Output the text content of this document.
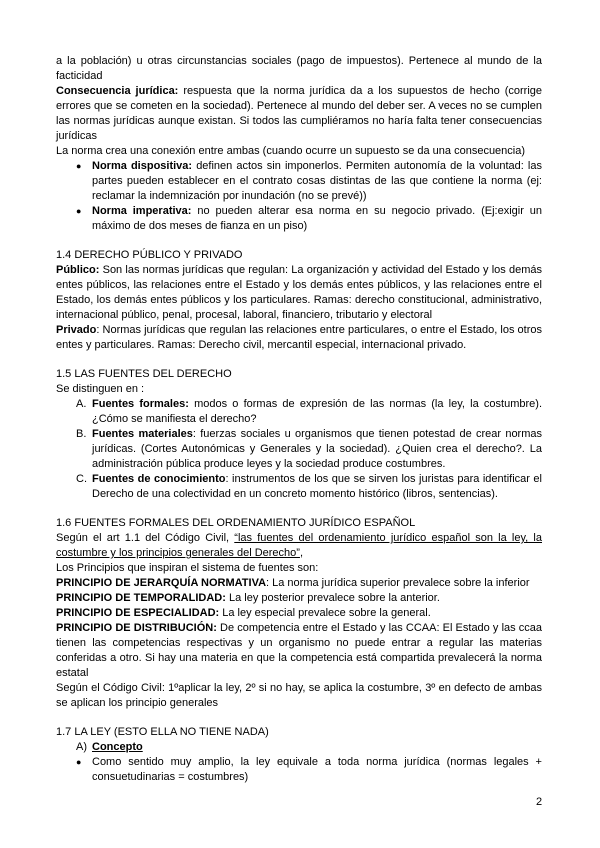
a la población) u otras circunstancias sociales (pago de impuestos). Pertenece al mundo de la facticidad

Consecuencia jurídica: respuesta que la norma jurídica da a los supuestos de hecho (corrige errores que se cometen en la sociedad). Pertenece al mundo del deber ser. A veces no se cumplen las normas jurídicas aunque existan. Si todos las cumpliéramos no haría falta tener consecuencias jurídicas

La norma crea una conexión entre ambas (cuando ocurre un supuesto se da una consecuencia)

● Norma dispositiva: definen actos sin imponerlos. Permiten autonomía de la voluntad: las partes pueden establecer en el contrato cosas distintas de las que contiene la norma (ej: reclamar la indemnización por inundación (no se prevé))
● Norma imperativa: no pueden alterar esa norma en su negocio privado. (Ej:exigir un máximo de dos meses de fianza en un piso)

1.4 DERECHO PÚBLICO Y PRIVADO

Público: Son las normas jurídicas que regulan: La organización y actividad del Estado y los demás entes públicos, las relaciones entre el Estado y los demás entes públicos, y las relaciones entre el Estado, los demás entes públicos y los particulares. Ramas: derecho constitucional, administrativo, internacional público, penal, procesal, laboral, financiero, tributario y electoral

Privado: Normas jurídicas que regulan las relaciones entre particulares, o entre el Estado, los otros entes y particulares. Ramas: Derecho civil, mercantil especial, internacional privado.

1.5 LAS FUENTES DEL DERECHO

Se distinguen en :

A. Fuentes formales: modos o formas de expresión de las normas (la ley, la costumbre). ¿Cómo se manifiesta el derecho?
B. Fuentes materiales: fuerzas sociales u organismos que tienen potestad de crear normas jurídicas. (Cortes Autonómicas y Generales y la sociedad). ¿Quien crea el derecho?. La administración pública produce leyes y la sociedad produce costumbres.
C. Fuentes de conocimiento: instrumentos de los que se sirven los juristas para identificar el Derecho de una colectividad en un concreto momento histórico (libros, sentencias).

1.6 FUENTES FORMALES DEL ORDENAMIENTO JURÍDICO ESPAÑOL

Según el art 1.1 del Código Civil, “las fuentes del ordenamiento jurídico español son la ley, la costumbre y los principios generales del Derecho”,

Los Principios que inspiran el sistema de fuentes son:

PRINCIPIO DE JERARQUÍA NORMATIVA: La norma jurídica superior prevalece sobre la inferior

PRINCIPIO DE TEMPORALIDAD: La ley posterior prevalece sobre la anterior.

PRINCIPIO DE ESPECIALIDAD: La ley especial prevalece sobre la general.

PRINCIPIO DE DISTRIBUCIÓN: De competencia entre el Estado y las CCAA: El Estado y las ccaa tienen las competencias respectivas y un organismo no puede entrar a regular las materias conferidas a otro. Si hay una materia en que la competencia está compartida prevalecerá la norma estatal

Según el Código Civil: 1ºaplicar la ley, 2º si no hay, se aplica la costumbre, 3º en defecto de ambas se aplican los principio generales

1.7 LA LEY (ESTO ELLA NO TIENE NADA)

A) Concepto
● Como sentido muy amplio, la ley equivale a toda norma jurídica (normas legales + consuetudinarias = costumbres)
2
